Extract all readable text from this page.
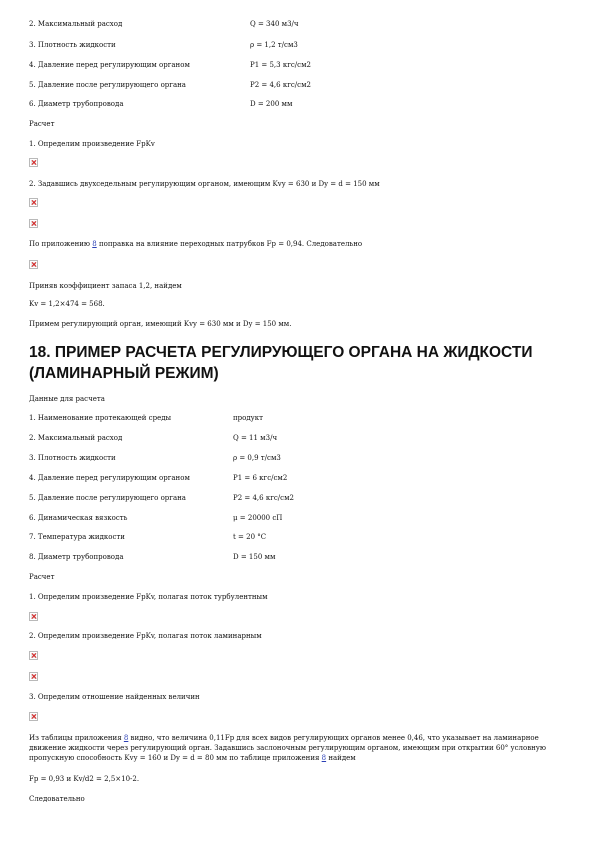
2. Максимальный расход	Q = 340 м3/ч
3. Плотность жидкости	ρ = 1,2 т/см3
4. Давление перед регулирующим органом	P1 = 5,3 кгс/см2
5. Давление после регулирующего органа	P2 = 4,6 кгс/см2
6. Диаметр трубопровода	D = 200 мм
Расчет
1. Определим произведение FpKv
2. Задавшись двухседельным регулирующим органом, имеющим Kvy = 630 и Dy = d = 150 мм
По приложению 8 поправка на влияние переходных патрубков Fp = 0,94. Следовательно
Приняв коэффициент запаса 1,2, найдем
Kv = 1,2×474 = 568.
Примем регулирующий орган, имеющий Kvy = 630 мм и Dy = 150 мм.
18. ПРИМЕР РАСЧЕТА РЕГУЛИРУЮЩЕГО ОРГАНА НА ЖИДКОСТИ (ЛАМИНАРНЫЙ РЕЖИМ)
Данные для расчета
1. Наименование протекающей среды	продукт
2. Максимальный расход	Q = 11 м3/ч
3. Плотность жидкости	ρ = 0,9 т/см3
4. Давление перед регулирующим органом	P1 = 6 кгс/см2
5. Давление после регулирующего органа	P2 = 4,6 кгс/см2
6. Динамическая вязкость	μ = 20000 сП
7. Температура жидкости	t = 20 °С
8. Диаметр трубопровода	D = 150 мм
Расчет
1. Определим произведение FpKv, полагая поток турбулентным
2. Определим произведение FpKv, полагая поток ламинарным
3. Определим отношение найденных величин
Из таблицы приложения 8 видно, что величина 0,11Fp для всех видов регулирующих органов менее 0,46, что указывает на ламинарное движение жидкости через регулирующий орган. Задавшись заслоночным регулирующим органом, имеющим при открытии 60° условную пропускную способность Kvy = 160 и Dy = d = 80 мм по таблице приложения 8 найдем
Fp = 0,93 и Kv/d2 = 2,5×10-2.
Следовательно
